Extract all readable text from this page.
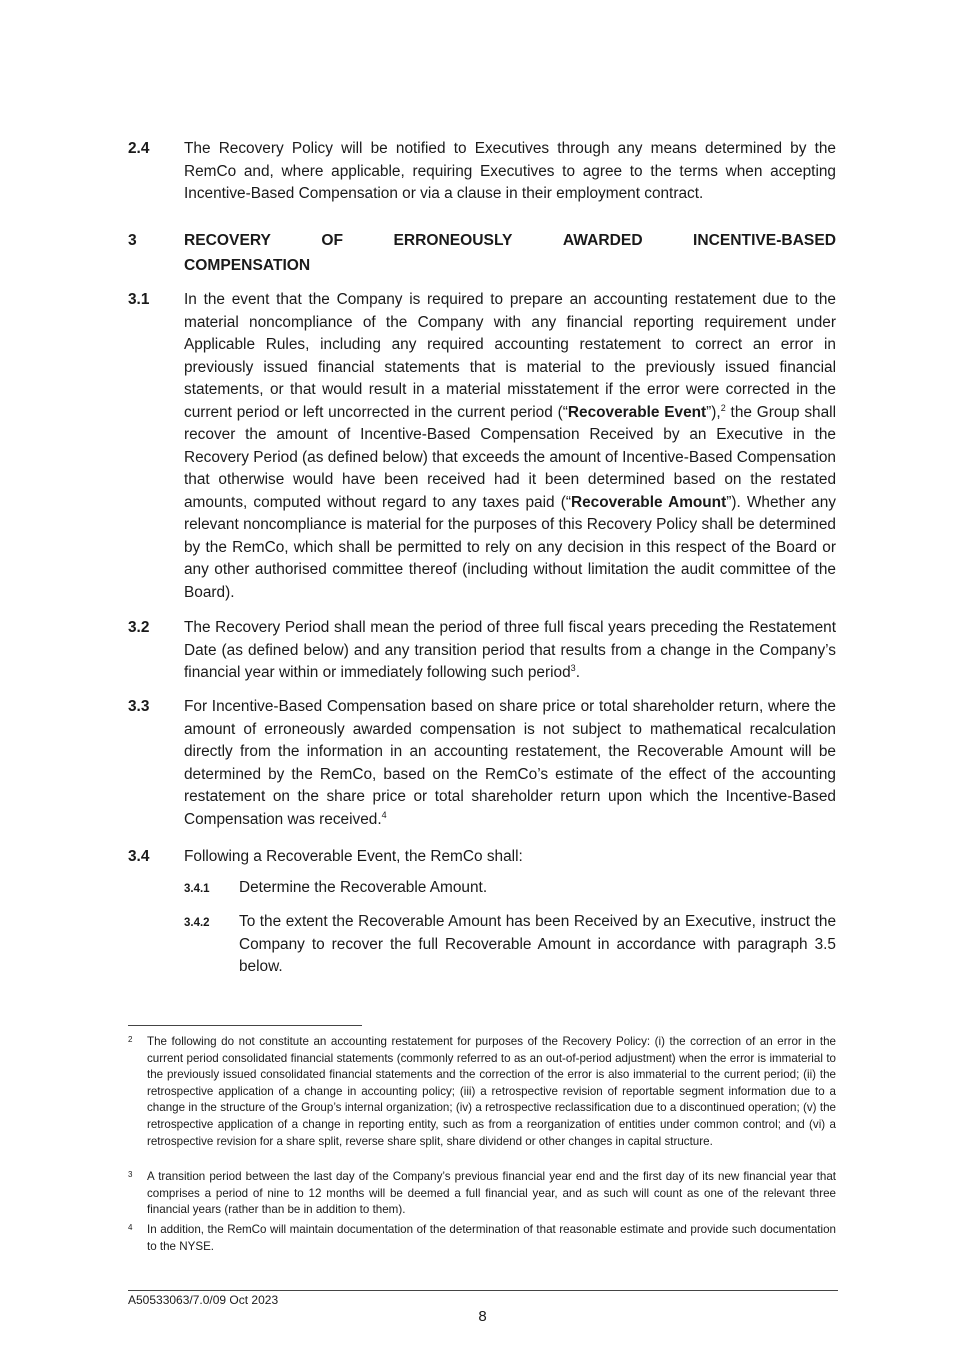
2.4 The Recovery Policy will be notified to Executives through any means determined by the RemCo and, where applicable, requiring Executives to agree to the terms when accepting Incentive-Based Compensation or via a clause in their employment contract.
3	RECOVERY	OF	ERRONEOUSLY	AWARDED	INCENTIVE-BASED
COMPENSATION
3.1 In the event that the Company is required to prepare an accounting restatement due to the material noncompliance of the Company with any financial reporting requirement under Applicable Rules, including any required accounting restatement to correct an error in previously issued financial statements that is material to the previously issued financial statements, or that would result in a material misstatement if the error were corrected in the current period or left uncorrected in the current period (“Recoverable Event”),$^2$ the Group shall recover the amount of Incentive-Based Compensation Received by an Executive in the Recovery Period (as defined below) that exceeds the amount of Incentive-Based Compensation that otherwise would have been received had it been determined based on the restated amounts, computed without regard to any taxes paid (“Recoverable Amount”). Whether any relevant noncompliance is material for the purposes of this Recovery Policy shall be determined by the RemCo, which shall be permitted to rely on any decision in this respect of the Board or any other authorised committee thereof (including without limitation the audit committee of the Board).
3.2 The Recovery Period shall mean the period of three full fiscal years preceding the Restatement Date (as defined below) and any transition period that results from a change in the Company’s financial year within or immediately following such period$^3$.
3.3 For Incentive-Based Compensation based on share price or total shareholder return, where the amount of erroneously awarded compensation is not subject to mathematical recalculation directly from the information in an accounting restatement, the Recoverable Amount will be determined by the RemCo, based on the RemCo’s estimate of the effect of the accounting restatement on the share price or total shareholder return upon which the Incentive-Based Compensation was received.$^4$
3.4 Following a Recoverable Event, the RemCo shall:
3.4.1 Determine the Recoverable Amount.
3.4.2 To the extent the Recoverable Amount has been Received by an Executive, instruct the Company to recover the full Recoverable Amount in accordance with paragraph 3.5 below.
2 The following do not constitute an accounting restatement for purposes of the Recovery Policy: (i) the correction of an error in the current period consolidated financial statements (commonly referred to as an out-of-period adjustment) when the error is immaterial to the previously issued consolidated financial statements and the correction of the error is also immaterial to the current period; (ii) the retrospective application of a change in accounting policy; (iii) a retrospective revision of reportable segment information due to a change in the structure of the Group’s internal organization; (iv) a retrospective reclassification due to a discontinued operation; (v) the retrospective application of a change in reporting entity, such as from a reorganization of entities under common control; and (vi) a retrospective revision for a share split, reverse share split, share dividend or other changes in capital structure.
3 A transition period between the last day of the Company’s previous financial year end and the first day of its new financial year that comprises a period of nine to 12 months will be deemed a full financial year, and as such will count as one of the relevant three financial years (rather than be in addition to them).
4 In addition, the RemCo will maintain documentation of the determination of that reasonable estimate and provide such documentation to the NYSE.
A50533063/7.0/09 Oct 2023
8
